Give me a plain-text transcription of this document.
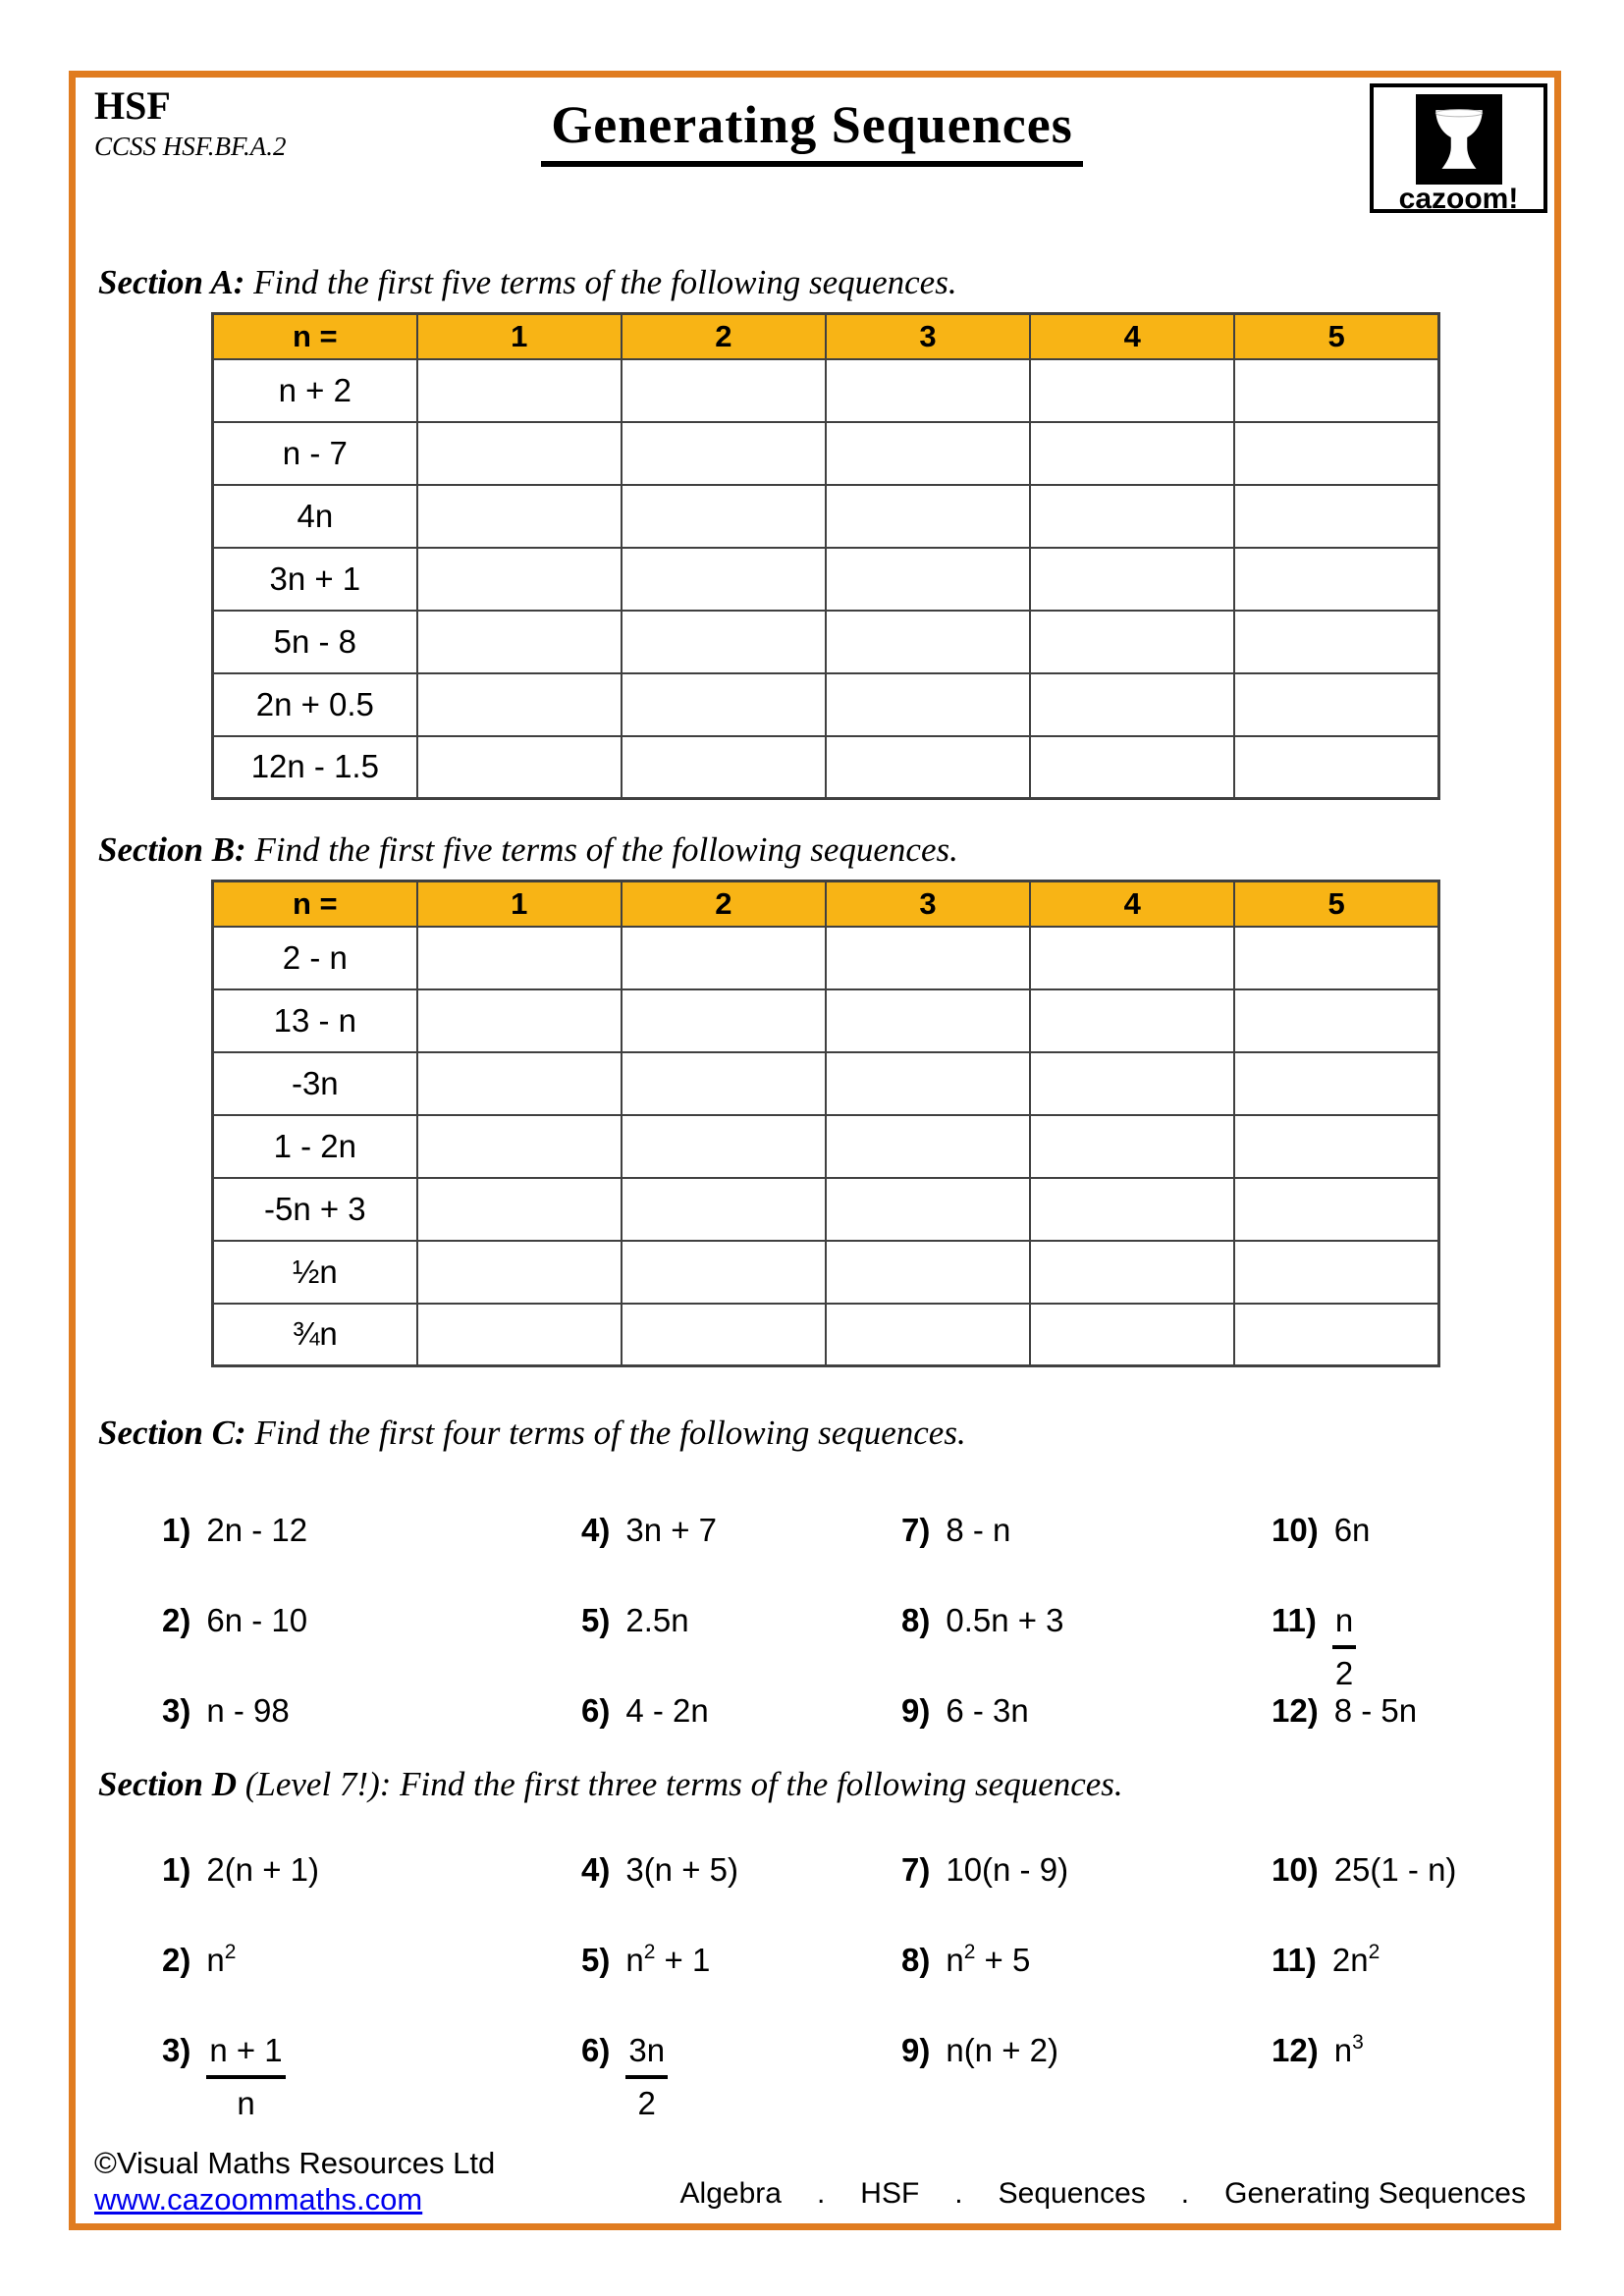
HSF
CCSS HSF.BF.A.2	Generating Sequences
cazoom!
Section A: Find the first five terms of the following sequences.
n =	1	2	3	4	5
n + 2					
n - 7					
4n					
3n + 1					
5n - 8					
2n + 0.5					
12n - 1.5					
Section B: Find the first five terms of the following sequences.
n =	1	2	3	4	5
2 - n					
13 - n					
-3n					
1 - 2n					
-5n + 3					
½n					
¾n					
Section C: Find the first four terms of the following sequences.
1) 2n - 12	4) 3n + 7	7) 8 - n	10) 6n
2) 6n - 10	5) 2.5n	8) 0.5n + 3	$11) \frac{n}{2}$
3) n - 98	6) 4 - 2n	9) 6 - 3n	12) 8 - 5n
Section D (Level 7!): Find the first three terms of the following sequences.
1) 2(n + 1)	4) 3(n + 5)	7) 10(n - 9)	10) 25(1 - n)
2) $n^2$	5) $n^2 + 1$	8) $n^2 + 5$	11) $2n^2$
$3) \frac{n + 1}{n}$	$6) \frac{3n}{2}$	9) n(n + 2)	12) $n^3$
©Visual Maths Resources Ltd
www.cazoommaths.com	Algebra . HSF . Sequences . Generating Sequences
